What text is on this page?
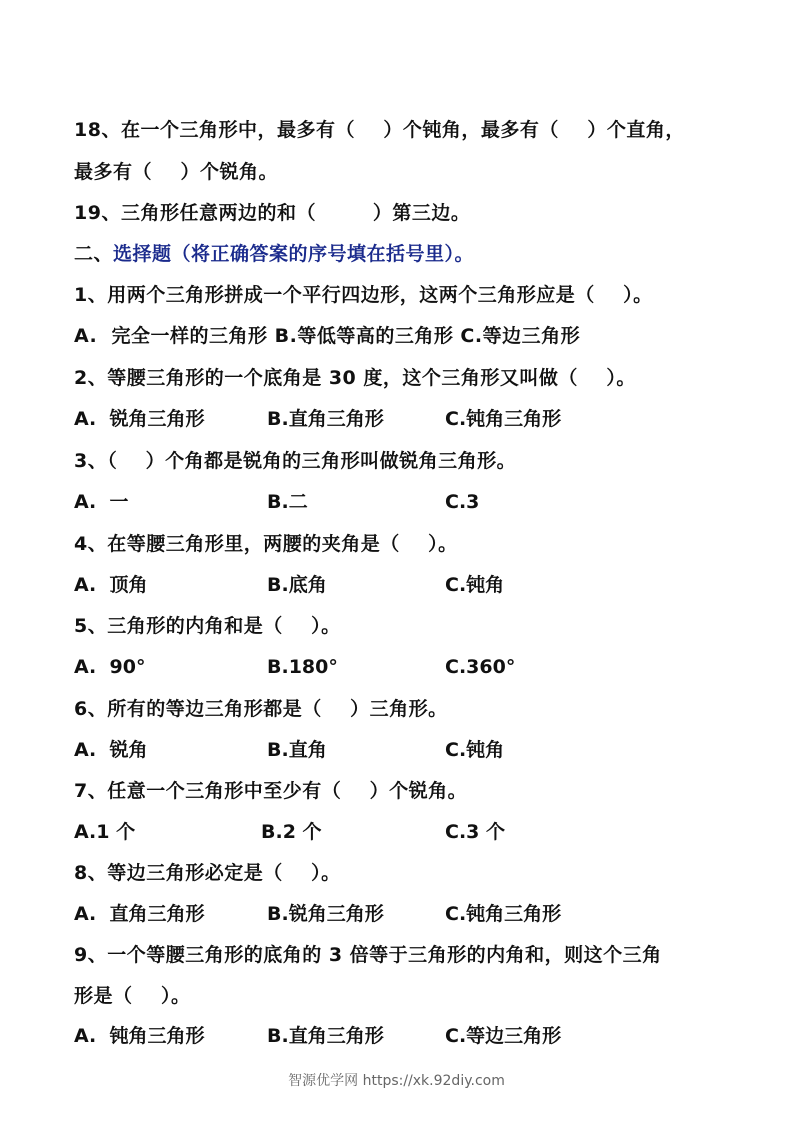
18、在一个三角形中，最多有（    ）个钝角，最多有（    ）个直角，
最多有（    ）个锐角。
19、三角形任意两边的和（        ）第三边。
二、选择题（将正确答案的序号填在括号里）。
1、用两个三角形拼成一个平行四边形，这两个三角形应是（    ）。
A.  完全一样的三角形 B.等低等高的三角形 C.等边三角形
2、等腰三角形的一个底角是 30 度，这个三角形又叫做（    ）。
A.  锐角三角形	B.直角三角形	C.钝角三角形
3、（    ）个角都是锐角的三角形叫做锐角三角形。
A.  一	B.二	C.3
4、在等腰三角形里，两腰的夹角是（    ）。
A.  顶角	B.底角	C.钝角
5、三角形的内角和是（    ）。
A.  90°	B.180°	C.360°
6、所有的等边三角形都是（    ）三角形。
A.  锐角	B.直角	C.钝角
7、任意一个三角形中至少有（    ）个锐角。
A.1 个	B.2 个	C.3 个
8、等边三角形必定是（    ）。
A.  直角三角形	B.锐角三角形	C.钝角三角形
9、一个等腰三角形的底角的 3 倍等于三角形的内角和，则这个三角
形是（    ）。
A.  钝角三角形	B.直角三角形	C.等边三角形
智源优学网 https://xk.92diy.com
